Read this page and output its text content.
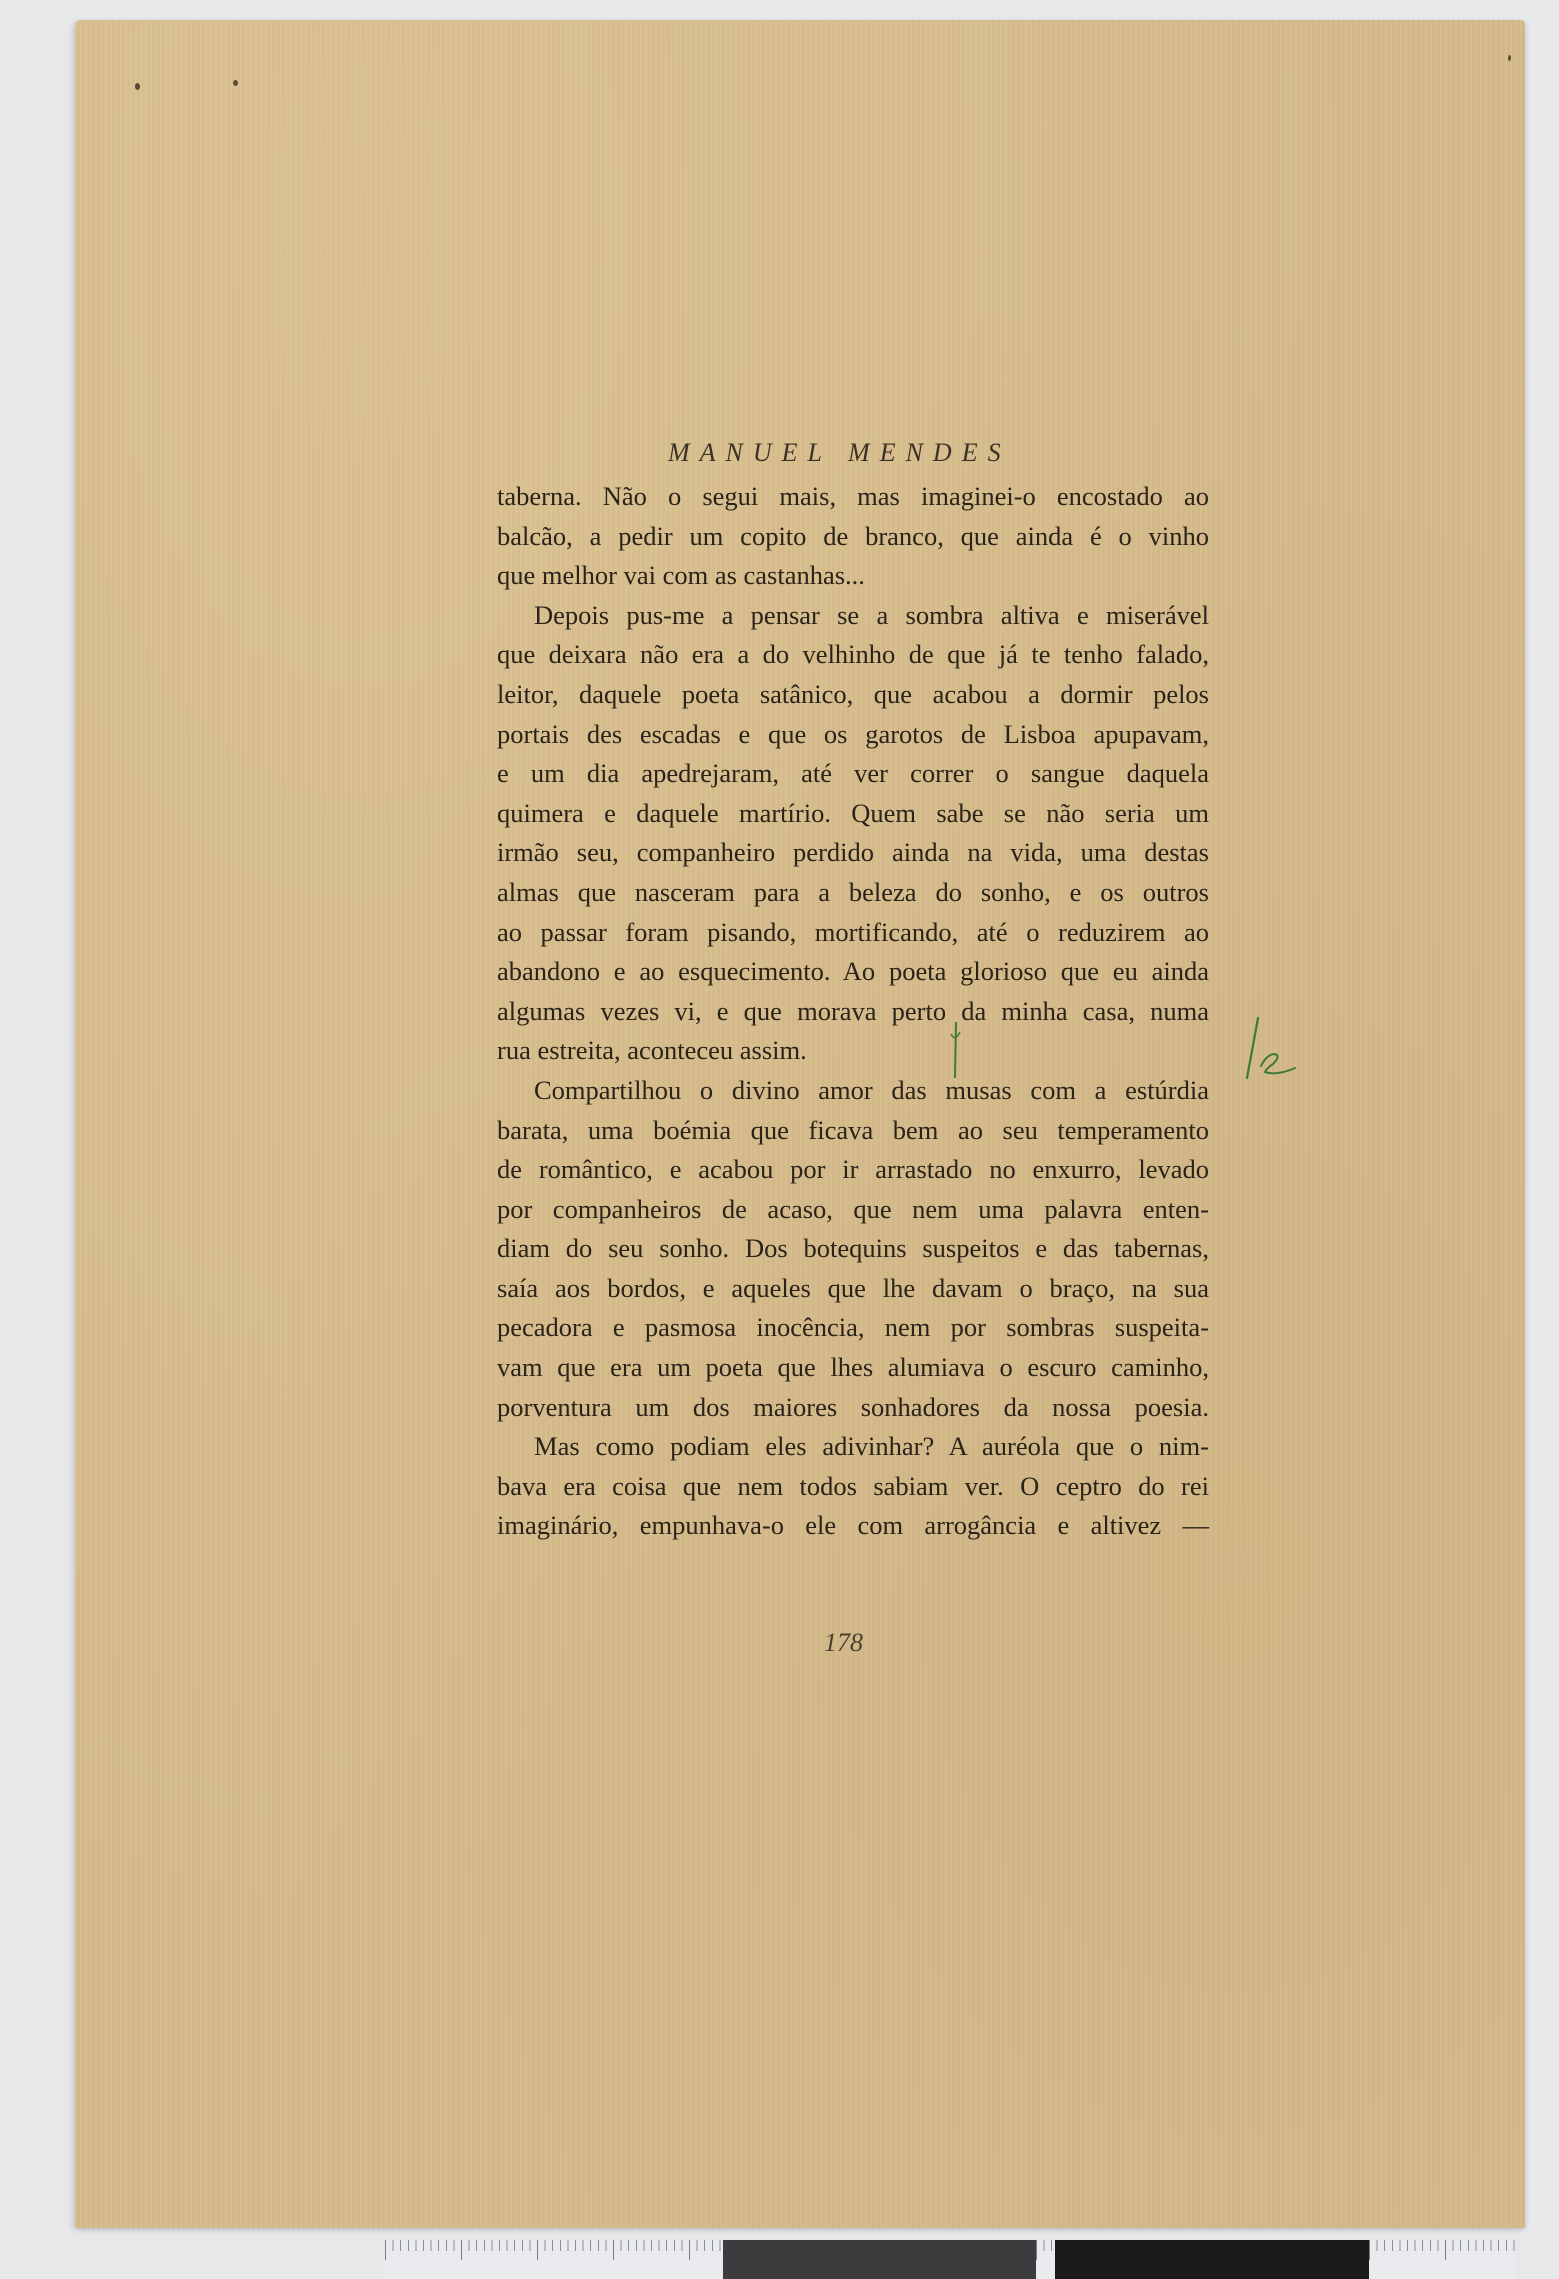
MANUEL MENDES
taberna. Não o segui mais, mas imaginei-o encostado ao
balcão, a pedir um copito de branco, que ainda é o vinho
que melhor vai com as castanhas...
Depois pus-me a pensar se a sombra altiva e miserável
que deixara não era a do velhinho de que já te tenho falado,
leitor, daquele poeta satânico, que acabou a dormir pelos
portais des escadas e que os garotos de Lisboa apupavam,
e um dia apedrejaram, até ver correr o sangue daquela
quimera e daquele martírio. Quem sabe se não seria um
irmão seu, companheiro perdido ainda na vida, uma destas
almas que nasceram para a beleza do sonho, e os outros
ao passar foram pisando, mortificando, até o reduzirem ao
abandono e ao esquecimento. Ao poeta glorioso que eu ainda
algumas vezes vi, e que morava perto da minha casa, numa
rua estreita, aconteceu assim.
Compartilhou o divino amor das musas com a estúrdia
barata, uma boémia que ficava bem ao seu temperamento
de romântico, e acabou por ir arrastado no enxurro, levado
por companheiros de acaso, que nem uma palavra enten-
diam do seu sonho. Dos botequins suspeitos e das tabernas,
saía aos bordos, e aqueles que lhe davam o braço, na sua
pecadora e pasmosa inocência, nem por sombras suspeita-
vam que era um poeta que lhes alumiava o escuro caminho,
porventura um dos maiores sonhadores da nossa poesia.
Mas como podiam eles adivinhar? A auréola que o nim-
bava era coisa que nem todos sabiam ver. O ceptro do rei
imaginário, empunhava-o ele com arrogância e altivez —
178
